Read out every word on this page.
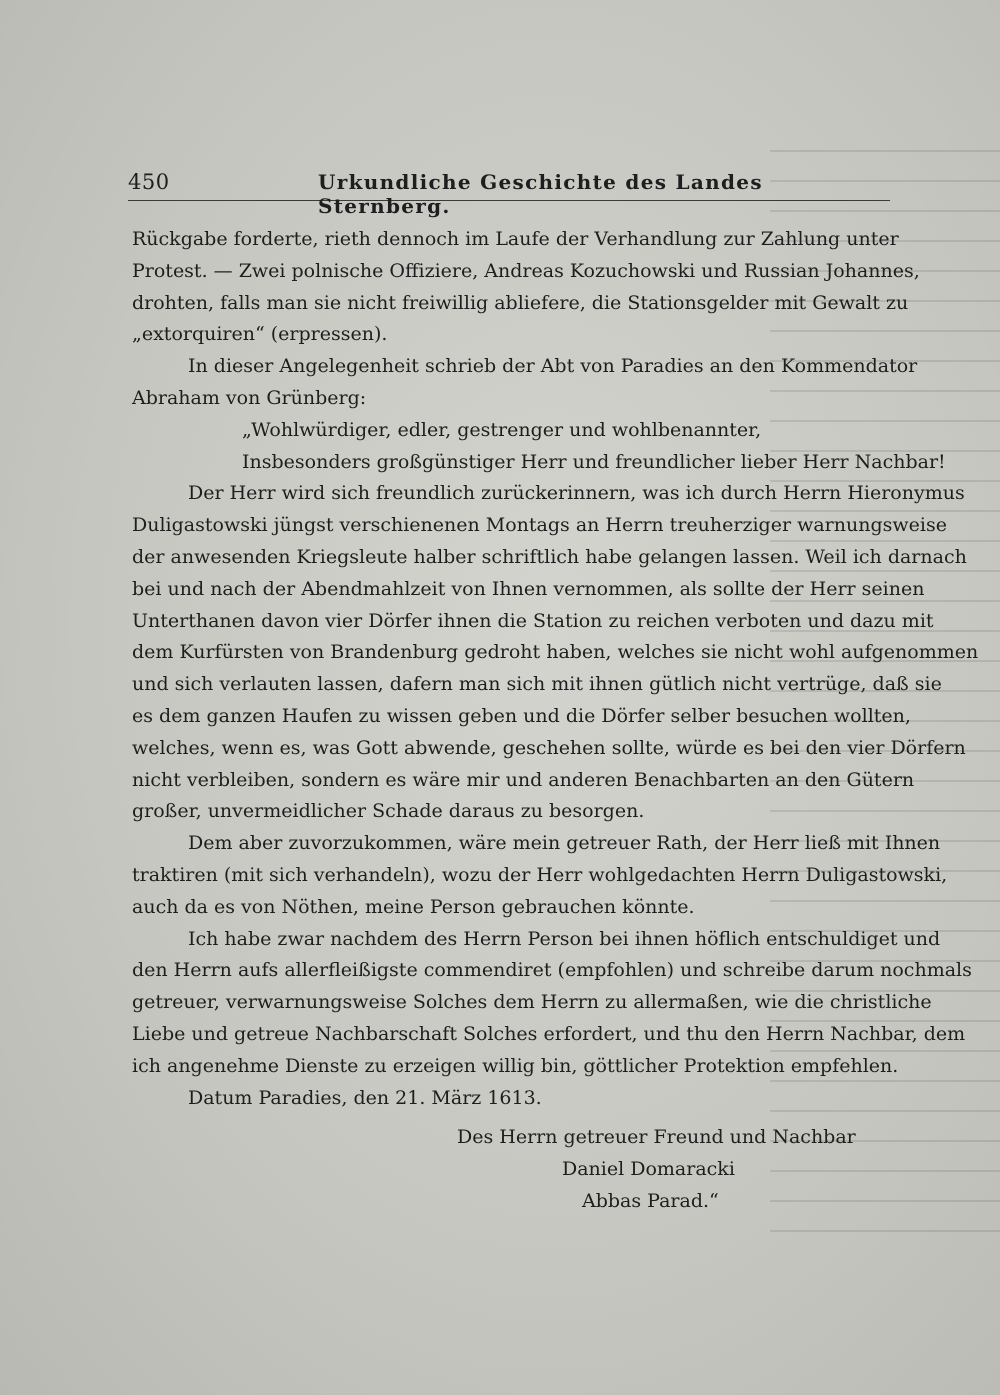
450	Urkundliche Geschichte des Landes Sternberg.
Rückgabe forderte, rieth dennoch im Laufe der Verhandlung zur Zahlung unter
Protest. — Zwei polnische Offiziere, Andreas Kozuchowski und Russian Johannes,
drohten, falls man sie nicht freiwillig abliefere, die Stationsgelder mit Gewalt zu
„extorquiren“ (erpressen).
In dieser Angelegenheit schrieb der Abt von Paradies an den Kommendator
Abraham von Grünberg:
„Wohlwürdiger, edler, gestrenger und wohlbenannter,
Insbesonders großgünstiger Herr und freundlicher lieber Herr Nachbar!
Der Herr wird sich freundlich zurückerinnern, was ich durch Herrn Hieronymus
Duligastowski jüngst verschienenen Montags an Herrn treuherziger warnungsweise
der anwesenden Kriegsleute halber schriftlich habe gelangen lassen. Weil ich darnach
bei und nach der Abendmahlzeit von Ihnen vernommen, als sollte der Herr seinen
Unterthanen davon vier Dörfer ihnen die Station zu reichen verboten und dazu mit
dem Kurfürsten von Brandenburg gedroht haben, welches sie nicht wohl aufgenommen
und sich verlauten lassen, dafern man sich mit ihnen gütlich nicht vertrüge, daß sie
es dem ganzen Haufen zu wissen geben und die Dörfer selber besuchen wollten,
welches, wenn es, was Gott abwende, geschehen sollte, würde es bei den vier Dörfern
nicht verbleiben, sondern es wäre mir und anderen Benachbarten an den Gütern
großer, unvermeidlicher Schade daraus zu besorgen.
Dem aber zuvorzukommen, wäre mein getreuer Rath, der Herr ließ mit Ihnen
traktiren (mit sich verhandeln), wozu der Herr wohlgedachten Herrn Duligastowski,
auch da es von Nöthen, meine Person gebrauchen könnte.
Ich habe zwar nachdem des Herrn Person bei ihnen höflich entschuldiget und
den Herrn aufs allerfleißigste commendiret (empfohlen) und schreibe darum nochmals
getreuer, verwarnungsweise Solches dem Herrn zu allermaßen, wie die christliche
Liebe und getreue Nachbarschaft Solches erfordert, und thu den Herrn Nachbar, dem
ich angenehme Dienste zu erzeigen willig bin, göttlicher Protektion empfehlen.
Datum Paradies, den 21. März 1613.
Des Herrn getreuer Freund und Nachbar
Daniel Domaracki
Abbas Parad.“
